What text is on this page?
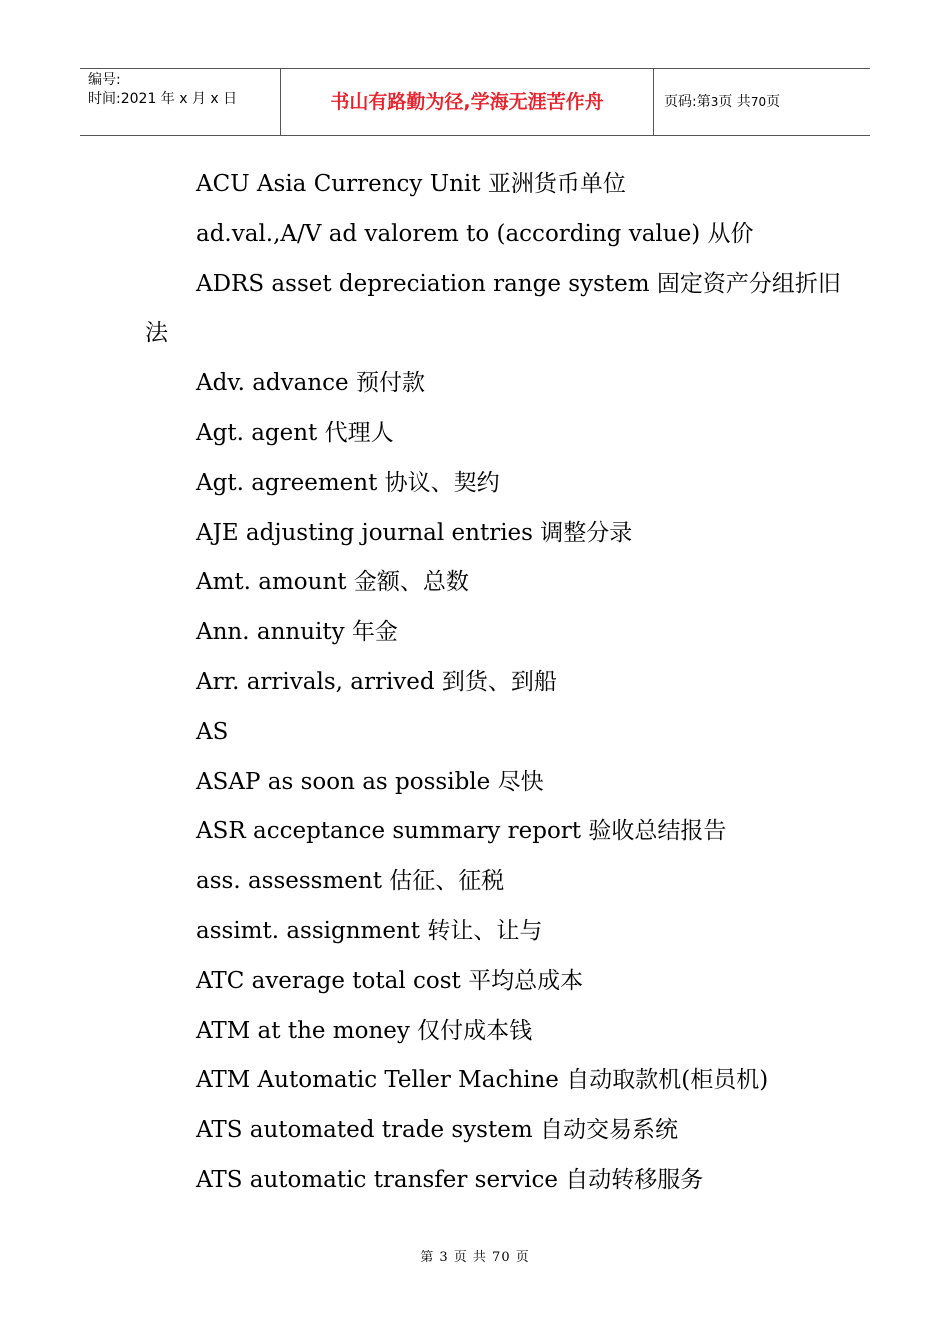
编号:
时间:2021 年 x 月 x 日	书山有路勤为径,学海无涯苦作舟	页码:第3页 共70页

ACU Asia Currency Unit 亚洲货币单位

ad.val.,A/V ad valorem to (according value) 从价

ADRS asset depreciation range system 固定资产分组折旧

法

Adv. advance 预付款

Agt. agent 代理人

Agt. agreement 协议、契约

AJE adjusting journal entries 调整分录

Amt. amount 金额、总数

Ann. annuity 年金

Arr. arrivals, arrived 到货、到船

AS

ASAP as soon as possible 尽快

ASR acceptance summary report 验收总结报告

ass. assessment 估征、征税

assimt. assignment 转让、让与

ATC average total cost 平均总成本

ATM at the money 仅付成本钱

ATM Automatic Teller Machine 自动取款机(柜员机)

ATS automated trade system 自动交易系统

ATS automatic transfer service 自动转移服务

第 3 页 共 70 页
